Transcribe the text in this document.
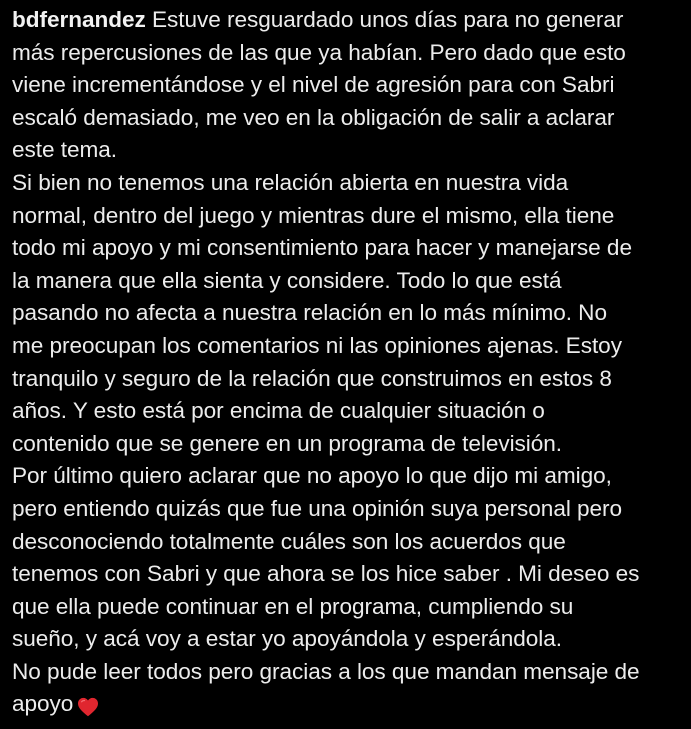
bdfernandez Estuve resguardado unos días para no generar
más repercusiones de las que ya habían. Pero dado que esto
viene incrementándose y el nivel de agresión para con Sabri
escaló demasiado, me veo en la obligación de salir a aclarar
este tema.
Si bien no tenemos una relación abierta en nuestra vida
normal, dentro del juego y mientras dure el mismo, ella tiene
todo mi apoyo y mi consentimiento para hacer y manejarse de
la manera que ella sienta y considere. Todo lo que está
pasando no afecta a nuestra relación en lo más mínimo. No
me preocupan los comentarios ni las opiniones ajenas. Estoy
tranquilo y seguro de la relación que construimos en estos 8
años. Y esto está por encima de cualquier situación o
contenido que se genere en un programa de televisión.
Por último quiero aclarar que no apoyo lo que dijo mi amigo,
pero entiendo quizás que fue una opinión suya personal pero
desconociendo totalmente cuáles son los acuerdos que
tenemos con Sabri y que ahora se los hice saber . Mi deseo es
que ella puede continuar en el programa, cumpliendo su
sueño, y acá voy a estar yo apoyándola y esperándola.
No pude leer todos pero gracias a los que mandan mensaje de
apoyo
